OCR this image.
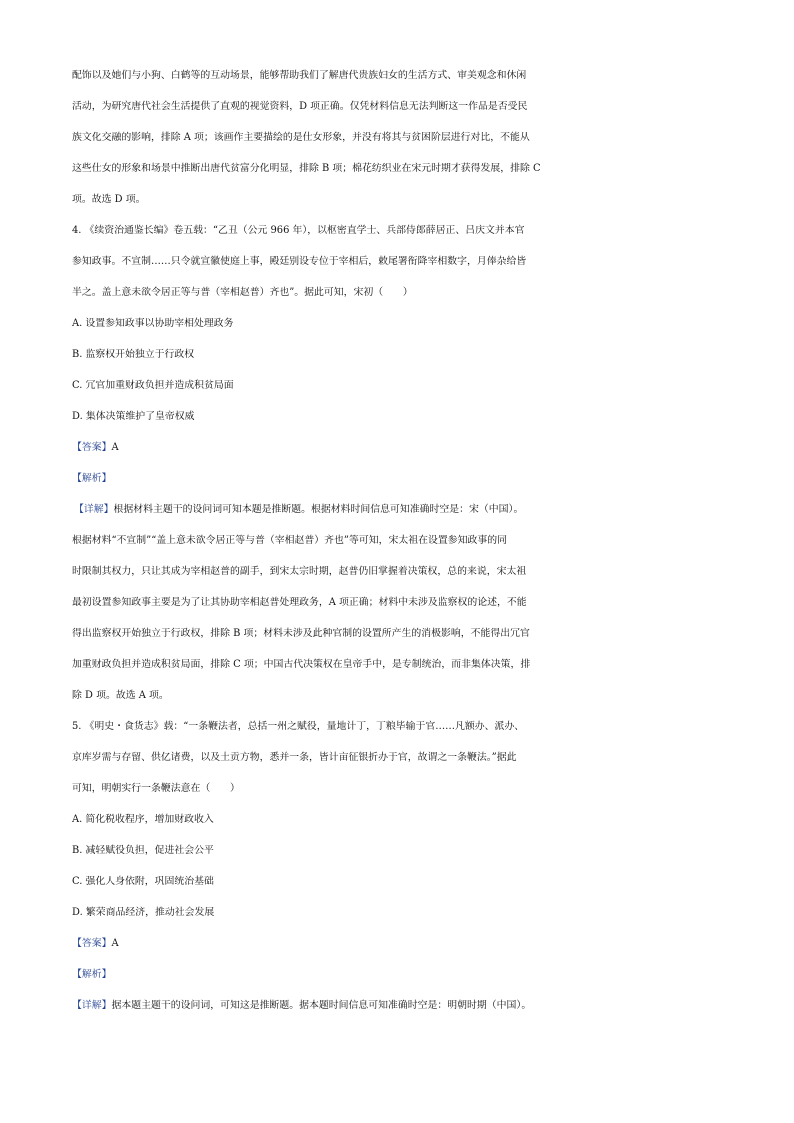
配饰以及她们与小狗、白鹤等的互动场景，能够帮助我们了解唐代贵族妇女的生活方式、审美观念和休闲
活动，为研究唐代社会生活提供了直观的视觉资料，D 项正确。仅凭材料信息无法判断这一作品是否受民
族文化交融的影响，排除 A 项；该画作主要描绘的是仕女形象，并没有将其与贫困阶层进行对比，不能从
这些仕女的形象和场景中推断出唐代贫富分化明显，排除 B 项；棉花纺织业在宋元时期才获得发展，排除 C
项。故选 D 项。
4. 《续资治通鉴长编》卷五载：“乙丑（公元 966 年），以枢密直学士、兵部侍郎薛居正、吕庆文并本官
参知政事。不宣制……只令就宣徽使庭上事，殿廷别设专位于宰相后，敕尾署衔降宰相数字，月俸杂给皆
半之。盖上意未欲令居正等与普（宰相赵普）齐也”。据此可知，宋初（　　）
A. 设置参知政事以协助宰相处理政务
B. 监察权开始独立于行政权
C. 冗官加重财政负担并造成积贫局面
D. 集体决策维护了皇帝权威
【答案】A
【解析】
【详解】根据材料主题干的设问词可知本题是推断题。根据材料时间信息可知准确时空是：宋（中国）。
根据材料“不宣制”“盖上意未欲令居正等与普（宰相赵普）齐也”等可知，宋太祖在设置参知政事的同
时限制其权力，只让其成为宰相赵普的副手，到宋太宗时期，赵普仍旧掌握着决策权，总的来说，宋太祖
最初设置参知政事主要是为了让其协助宰相赵普处理政务，A 项正确；材料中未涉及监察权的论述，不能
得出监察权开始独立于行政权，排除 B 项；材料未涉及此种官制的设置所产生的消极影响，不能得出冗官
加重财政负担并造成积贫局面，排除 C 项；中国古代决策权在皇帝手中，是专制统治，而非集体决策，排
除 D 项。故选 A 项。
5. 《明史・食货志》载：“一条鞭法者，总括一州之赋役，量地计丁，丁粮毕输于官……凡额办、派办、
京库岁需与存留、供亿诸费，以及土贡方物，悉并一条，皆计亩征银折办于官，故谓之一条鞭法。”据此
可知，明朝实行一条鞭法意在（　　）
A. 简化税收程序，增加财政收入
B. 减轻赋役负担，促进社会公平
C. 强化人身依附，巩固统治基础
D. 繁荣商品经济，推动社会发展
【答案】A
【解析】
【详解】据本题主题干的设问词，可知这是推断题。据本题时间信息可知准确时空是：明朝时期（中国）。
